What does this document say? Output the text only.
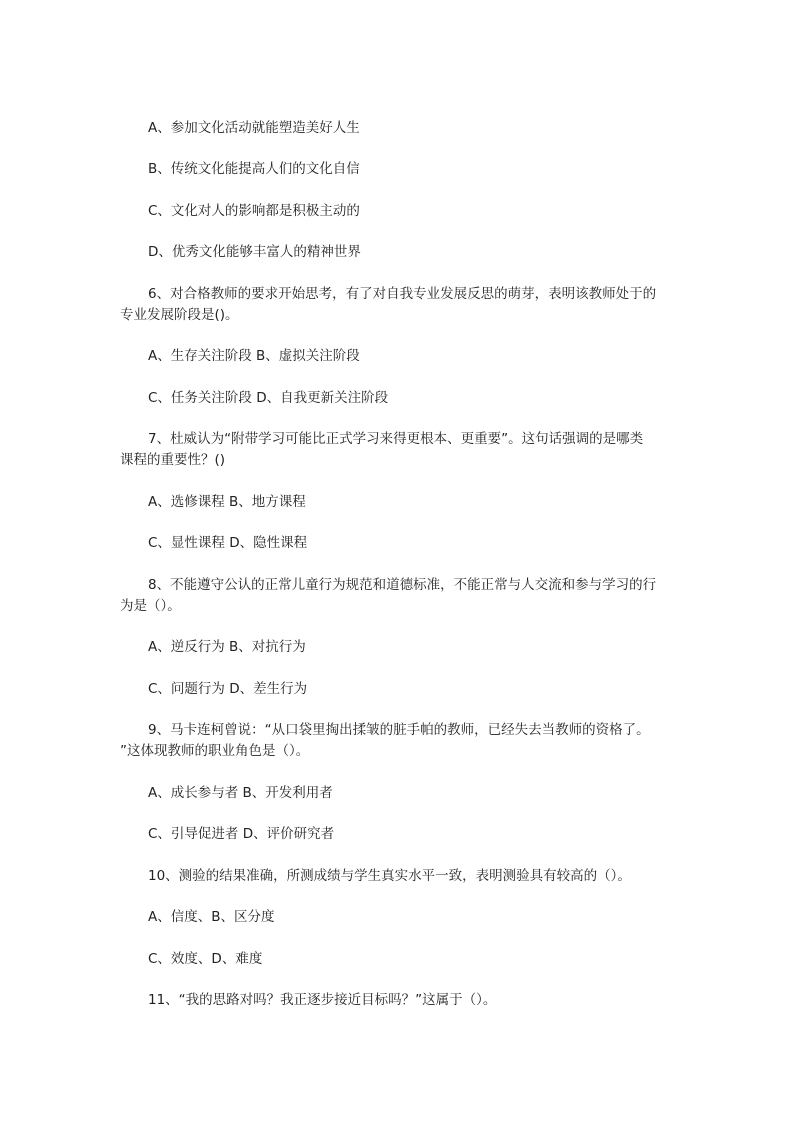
A、参加文化活动就能塑造美好人生

B、传统文化能提高人们的文化自信

C、文化对人的影响都是积极主动的

D、优秀文化能够丰富人的精神世界

6、对合格教师的要求开始思考，有了对自我专业发展反思的萌芽，表明该教师处于的

专业发展阶段是()。

A、生存关注阶段 B、虚拟关注阶段

C、任务关注阶段 D、自我更新关注阶段

7、杜威认为“附带学习可能比正式学习来得更根本、更重要”。这句话强调的是哪类

课程的重要性？()

A、选修课程 B、地方课程

C、显性课程 D、隐性课程

8、不能遵守公认的正常儿童行为规范和道德标准，不能正常与人交流和参与学习的行

为是（）。

A、逆反行为 B、对抗行为

C、问题行为 D、差生行为

9、马卡连柯曾说：“从口袋里掏出揉皱的脏手帕的教师，已经失去当教师的资格了。

”这体现教师的职业角色是（）。

A、成长参与者 B、开发利用者

C、引导促进者 D、评价研究者

10、测验的结果准确，所测成绩与学生真实水平一致，表明测验具有较高的（）。

A、信度、B、区分度

C、效度、D、难度

11、“我的思路对吗？我正逐步接近目标吗？”这属于（）。
